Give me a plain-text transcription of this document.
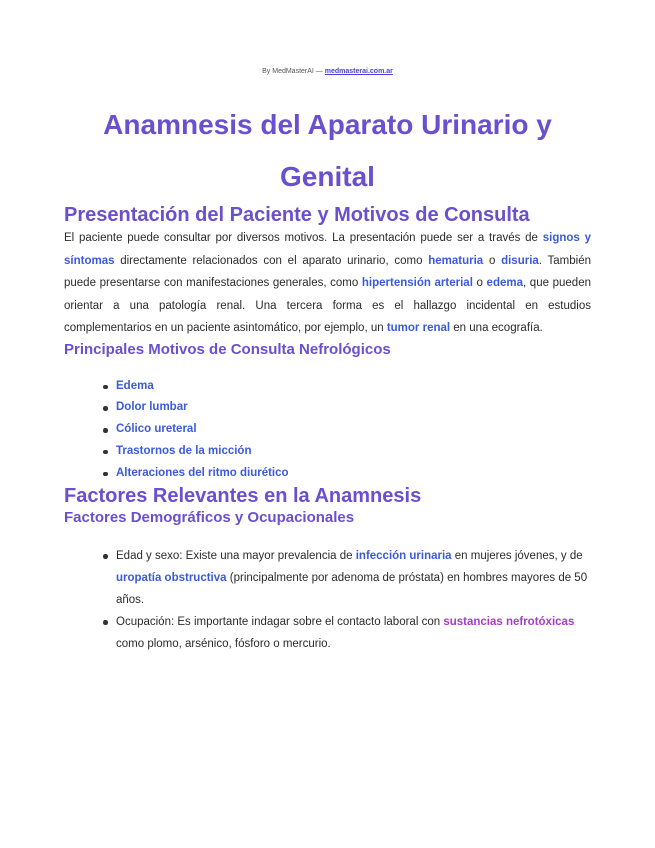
By MedMasterAI — medmasterai.com.ar
Anamnesis del Aparato Urinario y
Genital
Presentación del Paciente y Motivos de Consulta

El paciente puede consultar por diversos motivos. La presentación puede ser a través de signos y síntomas directamente relacionados con el aparato urinario, como hematuria o disuria. También puede presentarse con manifestaciones generales, como hipertensión arterial o edema, que pueden orientar a una patología renal. Una tercera forma es el hallazgo incidental en estudios complementarios en un paciente asintomático, por ejemplo, un tumor renal en una ecografía.

Principales Motivos de Consulta Nefrológicos
Edema
Dolor lumbar
Cólico ureteral
Trastornos de la micción
Alteraciones del ritmo diurético
Factores Relevantes en la Anamnesis
Factores Demográficos y Ocupacionales
Edad y sexo: Existe una mayor prevalencia de infección urinaria en mujeres jóvenes, y de uropatía obstructiva (principalmente por adenoma de próstata) en hombres mayores de 50 años.
Ocupación: Es importante indagar sobre el contacto laboral con sustancias nefrotóxicas como plomo, arsénico, fósforo o mercurio.
